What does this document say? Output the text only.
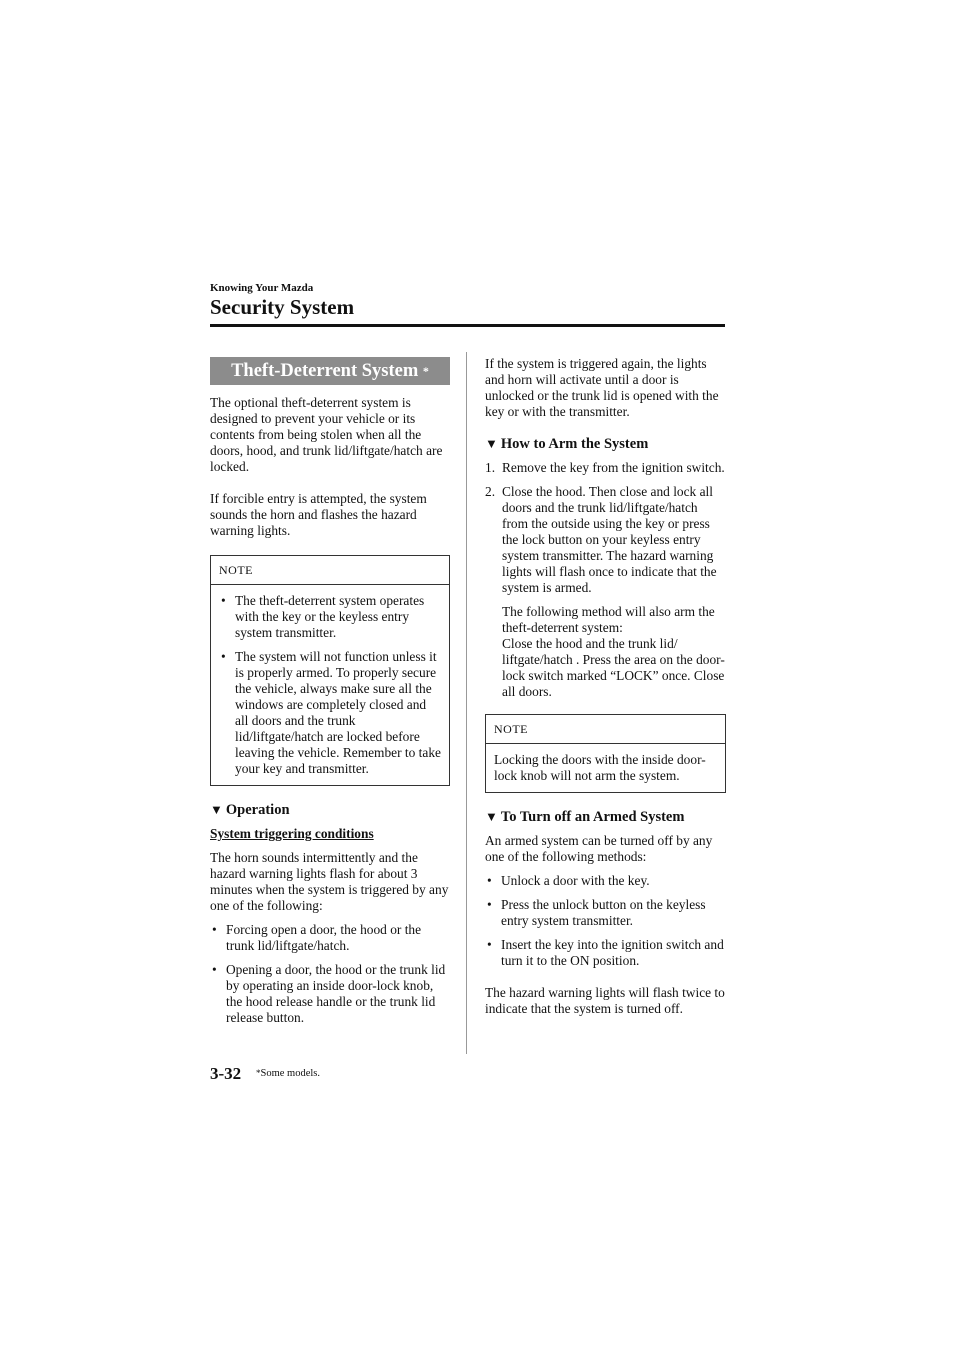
Knowing Your Mazda
Security System
Theft-Deterrent System *

The optional theft-deterrent system is designed to prevent your vehicle or its contents from being stolen when all the doors, hood, and trunk lid/liftgate/hatch are locked.

If forcible entry is attempted, the system sounds the horn and flashes the hazard warning lights.

NOTE
• The theft-deterrent system operates with the key or the keyless entry system transmitter.
• The system will not function unless it is properly armed. To properly secure the vehicle, always make sure all the windows are completely closed and all doors and the trunk lid/liftgate/hatch are locked before leaving the vehicle. Remember to take your key and transmitter.
▼ Operation
System triggering conditions

The horn sounds intermittently and the hazard warning lights flash for about 3 minutes when the system is triggered by any one of the following:

• Forcing open a door, the hood or the trunk lid/liftgate/hatch.
• Opening a door, the hood or the trunk lid by operating an inside door-lock knob, the hood release handle or the trunk lid release button.

If the system is triggered again, the lights and horn will activate until a door is unlocked or the trunk lid is opened with the key or with the transmitter.

▼ How to Arm the System
1. Remove the key from the ignition switch.
2. Close the hood. Then close and lock all doors and the trunk lid/liftgate/hatch from the outside using the key or press the lock button on your keyless entry system transmitter. The hazard warning lights will flash once to indicate that the system is armed.
The following method will also arm the theft-deterrent system:
Close the hood and the trunk lid/ liftgate/hatch . Press the area on the door-lock switch marked “LOCK” once. Close all doors.
NOTE
Locking the doors with the inside door-lock knob will not arm the system.
▼ To Turn off an Armed System

An armed system can be turned off by any one of the following methods:

• Unlock a door with the key.
• Press the unlock button on the keyless entry system transmitter.
• Insert the key into the ignition switch and turn it to the ON position.

The hazard warning lights will flash twice to indicate that the system is turned off.

3-32 *Some models.
